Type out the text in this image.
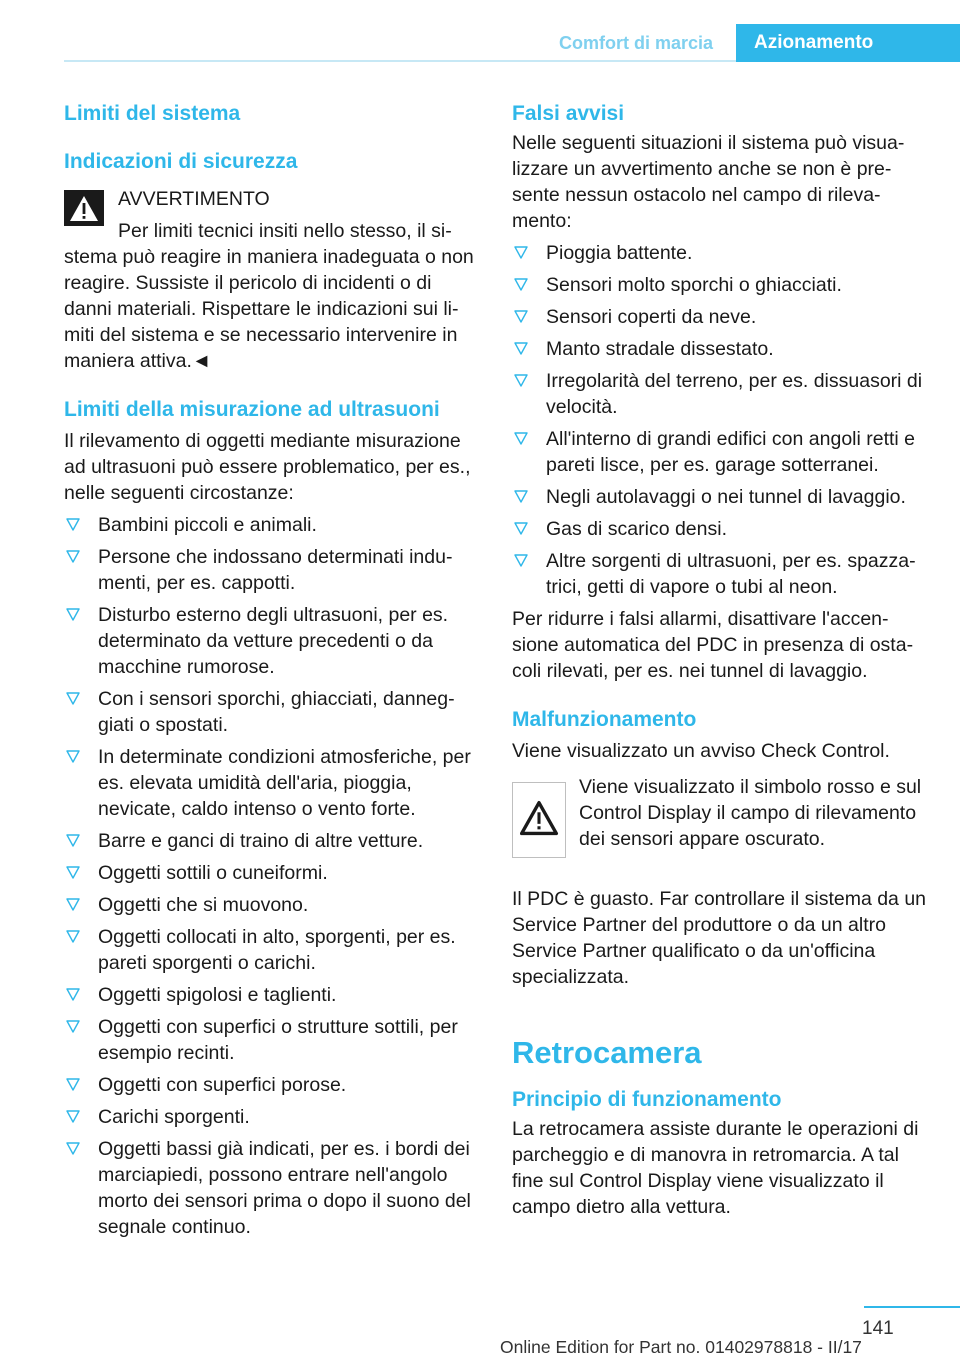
Comfort di marcia	Azionamento
Limiti del sistema
Indicazioni di sicurezza

AVVERTIMENTO

Per limiti tecnici insiti nello stesso, il sistema può reagire in maniera inadeguata o non reagire. Sussiste il pericolo di incidenti o di danni materiali. Rispettare le indicazioni sui limiti del sistema e se necessario intervenire in maniera attiva.◄

Limiti della misurazione ad ultrasuoni

Il rilevamento di oggetti mediante misurazione ad ultrasuoni può essere problematico, per es., nelle seguenti circostanze:

Bambini piccoli e animali.
Persone che indossano determinati indumenti, per es. cappotti.
Disturbo esterno degli ultrasuoni, per es. determinato da vetture precedenti o da macchine rumorose.
Con i sensori sporchi, ghiacciati, danneggiati o spostati.
In determinate condizioni atmosferiche, per es. elevata umidità dell'aria, pioggia, nevicate, caldo intenso o vento forte.
Barre e ganci di traino di altre vetture.
Oggetti sottili o cuneiformi.
Oggetti che si muovono.
Oggetti collocati in alto, sporgenti, per es. pareti sporgenti o carichi.
Oggetti spigolosi e taglienti.
Oggetti con superfici o strutture sottili, per esempio recinti.
Oggetti con superfici porose.
Carichi sporgenti.
Oggetti bassi già indicati, per es. i bordi dei marciapiedi, possono entrare nell'angolo morto dei sensori prima o dopo il suono del segnale continuo.
Falsi avvisi

Nelle seguenti situazioni il sistema può visualizzare un avvertimento anche se non è presente nessun ostacolo nel campo di rilevamento:

Pioggia battente.
Sensori molto sporchi o ghiacciati.
Sensori coperti da neve.
Manto stradale dissestato.
Irregolarità del terreno, per es. dissuasori di velocità.
All'interno di grandi edifici con angoli retti e pareti lisce, per es. garage sotterranei.
Negli autolavaggi o nei tunnel di lavaggio.
Gas di scarico densi.
Altre sorgenti di ultrasuoni, per es. spazzatrici, getti di vapore o tubi al neon.

Per ridurre i falsi allarmi, disattivare l'accensione automatica del PDC in presenza di ostacoli rilevati, per es. nei tunnel di lavaggio.

Malfunzionamento

Viene visualizzato un avviso Check Control.

Viene visualizzato il simbolo rosso e sul Control Display il campo di rilevamento dei sensori appare oscurato.

Il PDC è guasto. Far controllare il sistema da un Service Partner del produttore o da un altro Service Partner qualificato o da un'officina specializzata.

Retrocamera
Principio di funzionamento

La retrocamera assiste durante le operazioni di parcheggio e di manovra in retromarcia. A tal fine sul Control Display viene visualizzato il campo dietro alla vettura.

141
Online Edition for Part no. 01402978818 - II/17
